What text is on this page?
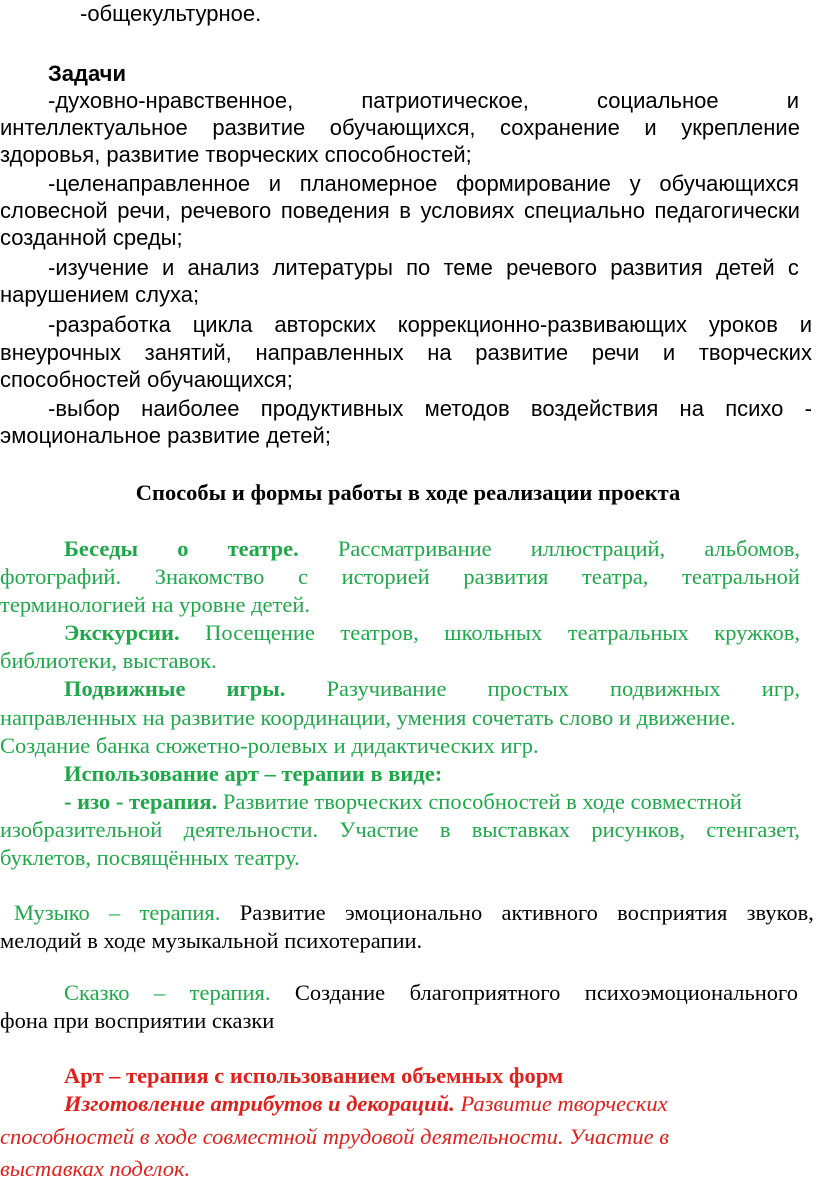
-общекультурное.
Задачи
-духовно-нравственное,	патриотическое,	социальное	и
интеллектуальное развитие обучающихся, сохранение и укрепление
здоровья, развитие творческих способностей;
-целенаправленное и планомерное формирование у обучающихся
словесной речи, речевого поведения в условиях специально педагогически
созданной среды;
-изучение и анализ литературы по теме речевого развития детей с
нарушением слуха;
-разработка цикла авторских коррекционно-развивающих уроков и
внеурочных занятий, направленных на развитие речи и творческих
способностей обучающихся;
-выбор наиболее продуктивных методов воздействия на психо -
эмоциональное развитие детей;
Способы и формы работы в ходе реализации проекта
Беседы о театре. Рассматривание иллюстраций, альбомов,
фотографий. Знакомство с историей развития театра, театральной
терминологией на уровне детей.
Экскурсии. Посещение театров, школьных театральных кружков,
библиотеки, выставок.
Подвижные игры. Разучивание простых подвижных игр,
направленных на развитие координации, умения сочетать слово и движение.
Создание банка сюжетно-ролевых и дидактических игр.
Использование арт – терапии в виде:
- изо - терапия. Развитие творческих способностей в ходе совместной
изобразительной деятельности. Участие в выставках рисунков, стенгазет,
буклетов, посвящённых театру.
Музыко – терапия. Развитие эмоционально активного восприятия звуков,
мелодий в ходе музыкальной психотерапии.
Сказко – терапия. Создание благоприятного психоэмоционального
фона при восприятии сказки
Арт – терапия с использованием объемных форм
Изготовление атрибутов и декораций. Развитие творческих
способностей в ходе совместной трудовой деятельности. Участие в
выставках поделок.
